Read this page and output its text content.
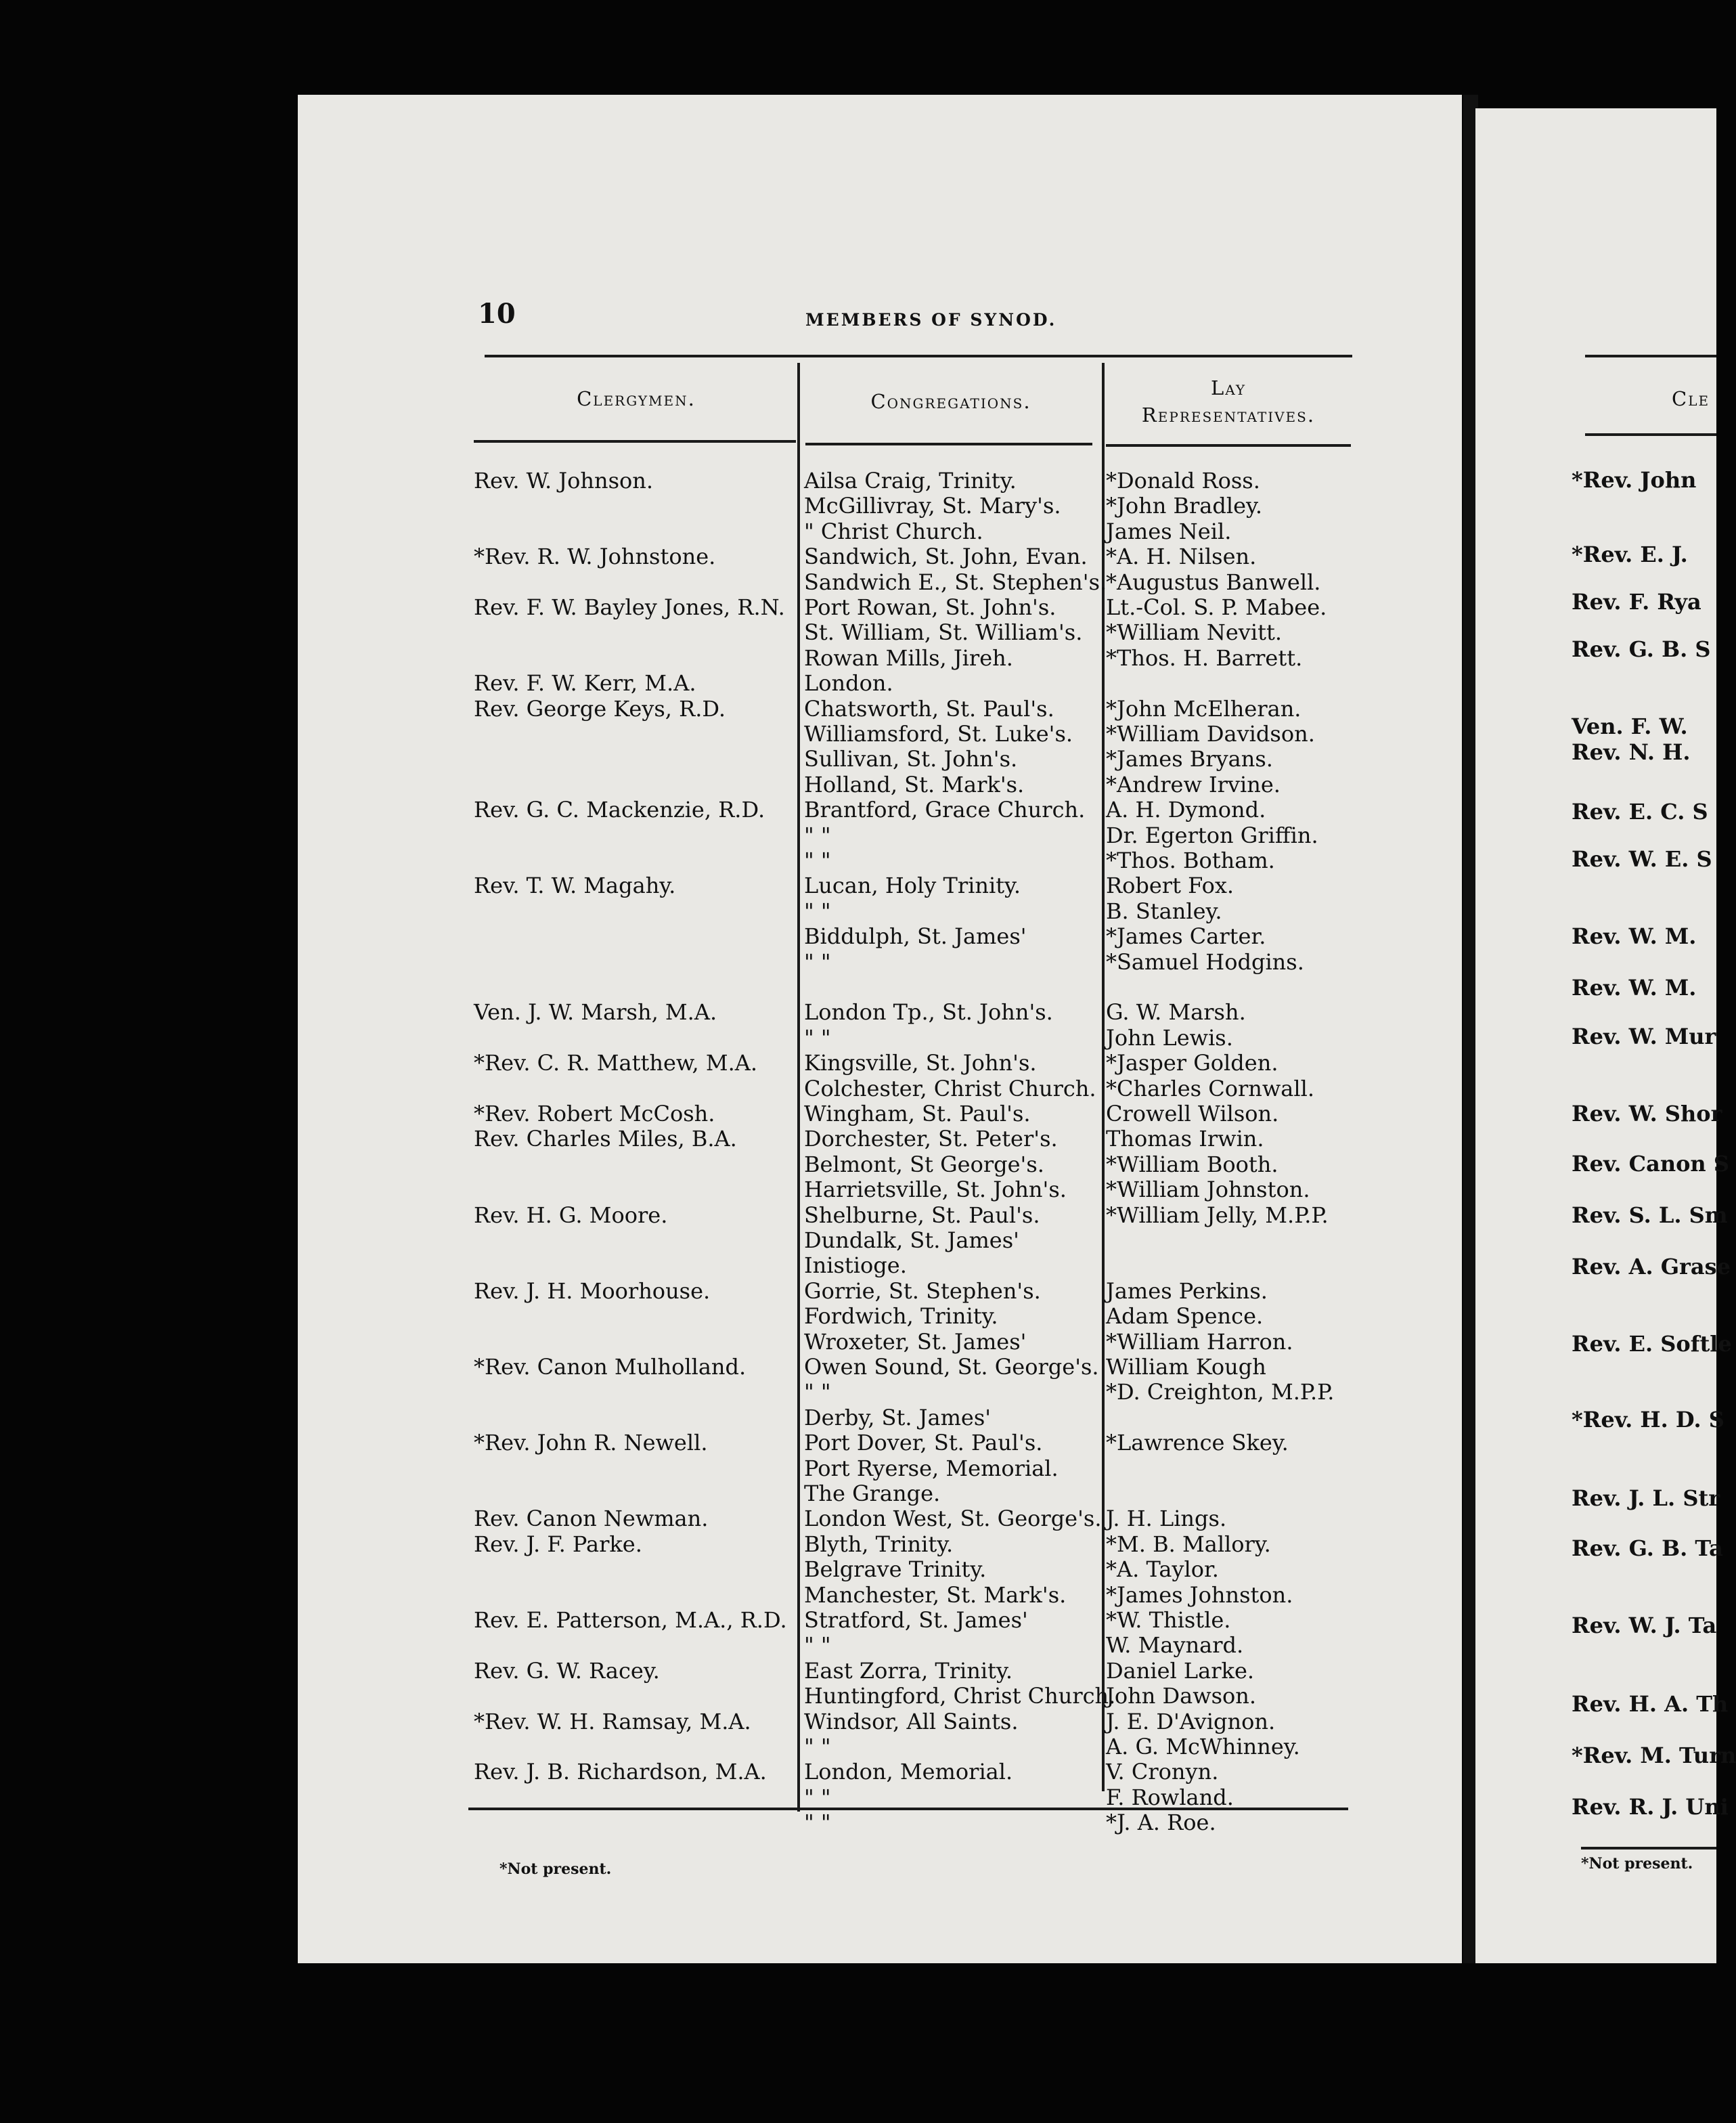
10	MEMBERS OF SYNOD.
Clergymen.	Congregations.
Lay
Representatives.
Rev. W. Johnson.
*Rev. R. W. Johnstone.
Rev. F. W. Bayley Jones, R.N.
Rev. F. W. Kerr, M.A.
Rev. George Keys, R.D.
Rev. G. C. Mackenzie, R.D.
Rev. T. W. Magahy.
Ven. J. W. Marsh, M.A.
*Rev. C. R. Matthew, M.A.
*Rev. Robert McCosh.
Rev. Charles Miles, B.A.
Rev. H. G. Moore.
Rev. J. H. Moorhouse.
*Rev. Canon Mulholland.
*Rev. John R. Newell.
Rev. Canon Newman.
Rev. J. F. Parke.
Rev. E. Patterson, M.A., R.D.
Rev. G. W. Racey.
*Rev. W. H. Ramsay, M.A.
Rev. J. B. Richardson, M.A.
Ailsa Craig, Trinity.
McGillivray, St. Mary's.
" Christ Church.
Sandwich, St. John, Evan.
Sandwich E., St. Stephen's.
Port Rowan, St. John's.
St. William, St. William's.
Rowan Mills, Jireh.
London.
Chatsworth, St. Paul's.
Williamsford, St. Luke's.
Sullivan, St. John's.
Holland, St. Mark's.
Brantford, Grace Church.
" "
" "
Lucan, Holy Trinity.
" "
Biddulph, St. James'
" "
London Tp., St. John's.
" "
Kingsville, St. John's.
Colchester, Christ Church.
Wingham, St. Paul's.
Dorchester, St. Peter's.
Belmont, St George's.
Harrietsville, St. John's.
Shelburne, St. Paul's.
Dundalk, St. James'
Inistioge.
Gorrie, St. Stephen's.
Fordwich, Trinity.
Wroxeter, St. James'
Owen Sound, St. George's.
" "
Derby, St. James'
Port Dover, St. Paul's.
Port Ryerse, Memorial.
The Grange.
London West, St. George's.
Blyth, Trinity.
Belgrave Trinity.
Manchester, St. Mark's.
Stratford, St. James'
" "
East Zorra, Trinity.
Huntingford, Christ Church.
Windsor, All Saints.
" "
London, Memorial.
" "
" "
*Donald Ross.
*John Bradley.
James Neil.
*A. H. Nilsen.
*Augustus Banwell.
Lt.-Col. S. P. Mabee.
*William Nevitt.
*Thos. H. Barrett.
*John McElheran.
*William Davidson.
*James Bryans.
*Andrew Irvine.
A. H. Dymond.
Dr. Egerton Griffin.
*Thos. Botham.
Robert Fox.
B. Stanley.
*James Carter.
*Samuel Hodgins.
G. W. Marsh.
John Lewis.
*Jasper Golden.
*Charles Cornwall.
Crowell Wilson.
Thomas Irwin.
*William Booth.
*William Johnston.
*William Jelly, M.P.P.
James Perkins.
Adam Spence.
*William Harron.
William Kough
*D. Creighton, M.P.P.
*Lawrence Skey.
J. H. Lings.
*M. B. Mallory.
*A. Taylor.
*James Johnston.
*W. Thistle.
W. Maynard.
Daniel Larke.
John Dawson.
J. E. D'Avignon.
A. G. McWhinney.
V. Cronyn.
F. Rowland.
*J. A. Roe.
*Not present.
Cle
*Rev. John
*Rev. E. J.
Rev. F. Rya
Rev. G. B. S
Ven. F. W.
Rev. N. H.
Rev. E. C. S
Rev. W. E. S
Rev. W. M.
Rev. W. M.
Rev. W. Mur
Rev. W. Shor
Rev. Canon S
Rev. S. L. Sm
Rev. A. Grase
Rev. E. Softle
*Rev. H. D. S
Rev. J. L. Str
Rev. G. B. Ta
Rev. W. J. Ta
Rev. H. A. Th
*Rev. M. Turn
Rev. R. J. Uni
*Not present.
